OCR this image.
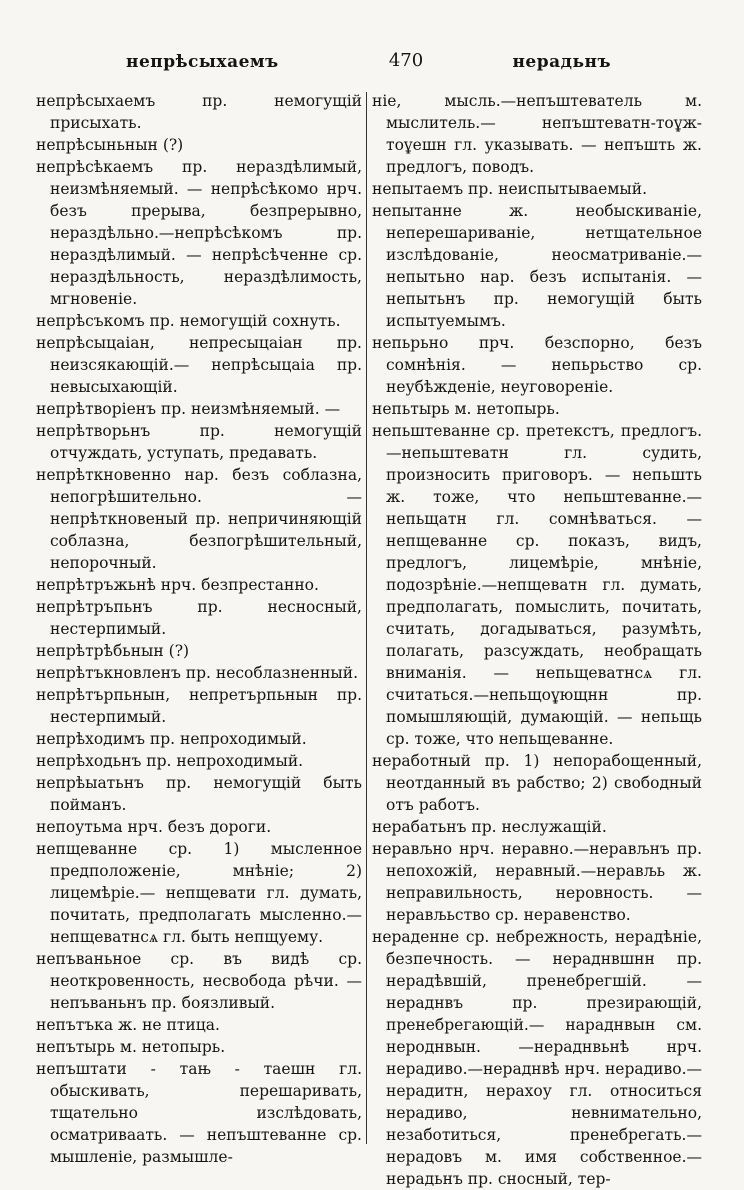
непрѣсыхаемъ	470	нерадьнъ
непрѣсыхаемъ пр. немогущій присыхать.
непрѣсыньнын (?)
непрѣсѣкаемъ пр. нераздѣлимый, неизмѣняемый. — непрѣсѣкомо нрч. безъ прерыва, безпрерывно, нераздѣльно.—непрѣсѣкомъ пр. нераздѣлимый. — непрѣсѣченне ср. нераздѣльность, нераздѣлимость, мгновеніе.
непрѣсъкомъ пр. немогущій сохнуть.
непрѣсыцаіан, непресыцаіан пр. неизсякающій.— непрѣсыцаіа пр. невысыхающій.
непрѣтворіенъ пр. неизмѣняемый. —
непрѣтворьнъ пр. немогущій отчуждать, уступать, предавать.
непрѣткновенно нар. безъ соблазна, непогрѣшительно. — непрѣткновеный пр. непричиняющій соблазна, безпогрѣшительный, непорочный.
непрѣтръжьнѣ нрч. безпрестанно.
непрѣтръпьнъ пр. несносный, нестерпимый.
непрѣтрѣбьнын (?)
непрѣтъкновленъ пр. несоблазненный.
непрѣтърпьнын, непретърпьнын пр. нестерпимый.
непрѣходимъ пр. непроходимый.
непрѣходьнъ пр. непроходимый.
непрѣыатьнъ пр. немогущій быть пойманъ.
непоутьма нрч. безъ дороги.
непщеванне ср. 1) мысленное предположеніе, мнѣніе; 2) лицемѣріе.— непщевати гл. думать, почитать, предполагать мысленно.—непщеватнсѧ гл. быть непщуему.
непъваньное ср. въ видѣ ср. неоткровенность, несвобода рѣчи. — непъваньнъ пр. боязливый.
непътъка ж. не птица.
непътырь м. нетопырь.
непъштати - тањ - таешн гл. обыскивать, перешаривать, тщательно изслѣдовать, осматриваать. — непъштеванне ср. мышленіе, размышле-
ніе, мысль.—непъштеватель м. мыслитель.— непъштеватн-тоұж-тоұешн гл. указывать. — непъшть ж. предлогъ, поводъ.
непытаемъ пр. неиспытываемый.
непытанне ж. необыскиваніе, неперешариваніе, нетщательное изслѣдованіе, неосматриваніе.—непытьно нар. безъ испытанія. — непытьнъ пр. немогущій быть испытуемымъ.
непьрьно прч. безспорно, безъ сомнѣнія. — непьрьство ср. неубѣжденіе, неуговореніе.
непьтырь м. нетопырь.
непьштеванне ср. претекстъ, предлогъ.—непьштеватн гл. судить, произносить приговоръ. — непьшть ж. тоже, что непьштеванне.— непьщатн гл. сомнѣваться. — непщеванне ср. показъ, видъ, предлогъ, лицемѣріе, мнѣніе, подозрѣніе.—непщеватн гл. думать, предполагать, помыслить, почитать, считать, догадываться, разумѣть, полагать, разсуждать, необращать вниманія. — непьщеватнсѧ гл. считаться.—непьщоұющнн пр. помышляющій, думающій. — непьщь ср. тоже, что непьщеванне.
неработный пр. 1) непорабощенный, неотданный въ рабство; 2) свободный отъ работъ.
нерабатьнъ пр. неслужащій.
нерављно нрч. неравно.—нерављнъ пр. непохожій, неравный.—нерављь ж. неправильность, неровность. — нерављьство ср. неравенство.
нераденне ср. небрежность, нерадѣніе, безпечность. — нераднвшнн пр. нерадѣвшій, пренебрегшій. — нераднвъ пр. презирающій, пренебрегающій.— нараднвын см. нероднвын. —нераднвьнѣ нрч. нерадиво.—нераднвѣ нрч. нерадиво.—нерадитн, нерахоу гл. относиться нерадиво, невнимательно, незаботиться, пренебрегать.—нерадовъ м. имя собственное.—нерадьнъ пр. сносный, тер-
